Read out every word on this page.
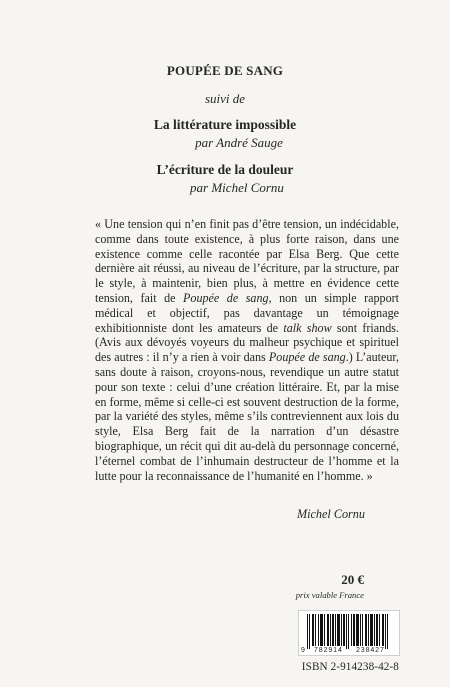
POUPÉE DE SANG
suivi de
La littérature impossible
par André Sauge
L’écriture de la douleur
par Michel Cornu
« Une tension qui n’en finit pas d’être tension, un indécidable, comme dans toute existence, à plus forte raison, dans une existence comme celle racontée par Elsa Berg. Que cette dernière ait réussi, au niveau de l’écriture, par la structure, par le style, à maintenir, bien plus, à mettre en évidence cette tension, fait de Poupée de sang, non un simple rapport médical et objectif, pas davantage un témoignage exhibitionniste dont les amateurs de talk show sont friands. (Avis aux dévoyés voyeurs du malheur psychique et spirituel des autres : il n’y a rien à voir dans Poupée de sang.) L’auteur, sans doute à raison, croyons-nous, revendique un autre statut pour son texte : celui d’une création littéraire. Et, par la mise en forme, même si celle-ci est souvent destruction de la forme, par la variété des styles, même s’ils contreviennent aux lois du style, Elsa Berg fait de la narration d’un désastre biographique, un récit qui dit au-delà du personnage concerné, l’éternel combat de l’inhumain destructeur de l’homme et la lutte pour la reconnaissance de l’humanité en l’homme. »
Michel Cornu
20 €
prix valable France
9 782914 238427
ISBN 2-914238-42-8
